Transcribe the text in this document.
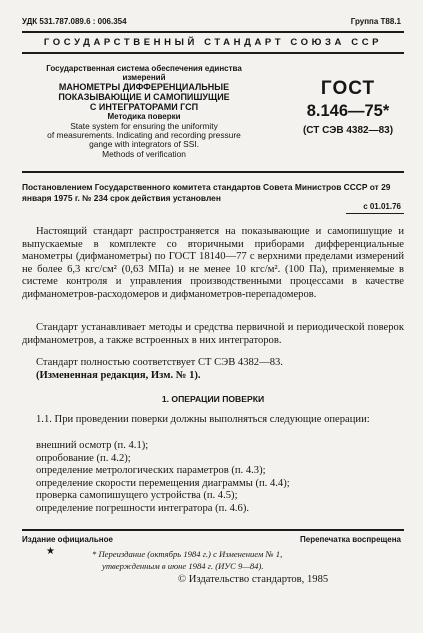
УДК 531.787.089.6 : 006.354	Группа Т88.1
ГОСУДАРСТВЕННЫЙ СТАНДАРТ СОЮЗА ССР
Государственная система обеспечения единства
измерений
МАНОМЕТРЫ ДИФФЕРЕНЦИАЛЬНЫЕ
ПОКАЗЫВАЮЩИЕ И САМОПИШУЩИЕ
С ИНТЕГРАТОРАМИ ГСП
Методика поверки
State system for ensuring the uniformity
of measurements. Indicating and recording pressure
gange with integrators of SSI.
Methods of verification
ГОСТ
8.146—75*
(СТ СЭВ 4382—83)
Постановлением Государственного комитета стандартов Совета Министров СССР от 29 января 1975 г. № 234 срок действия установлен
с 01.01.76
Настоящий стандарт распространяется на показывающие и самопишущие и выпускаемые в комплекте со вторичными приборами дифференциальные манометры (дифманометры) по ГОСТ 18140—77 с верхними пределами измерений не более 6,3 кгс/см² (0,63 МПа) и не менее 10 кгс/м². (100 Па), применяемые в системе контроля и управления производственными процессами в качестве дифманометров-расходомеров и дифманометров-перепадомеров.
Стандарт устанавливает методы и средства первичной и периодической поверок дифманометров, а также встроенных в них интеграторов.
Стандарт полностью соответствует СТ СЭВ 4382—83.
(Измененная редакция, Изм. № 1).
1. ОПЕРАЦИИ ПОВЕРКИ
1.1. При проведении поверки должны выполняться следующие операции:
внешний осмотр (п. 4.1);
опробование (п. 4.2);
определение метрологических параметров (п. 4.3);
определение скорости перемещения диаграммы (п. 4.4);
проверка самопишущего устройства (п. 4.5);
определение погрешности интегратора (п. 4.6).
Издание официальное	Перепечатка воспрещена
★	* Переиздание (октябрь 1984 г.) с Изменением № 1,
утвержденным в июне 1984 г. (ИУС 9—84).
© Издательство стандартов, 1985
